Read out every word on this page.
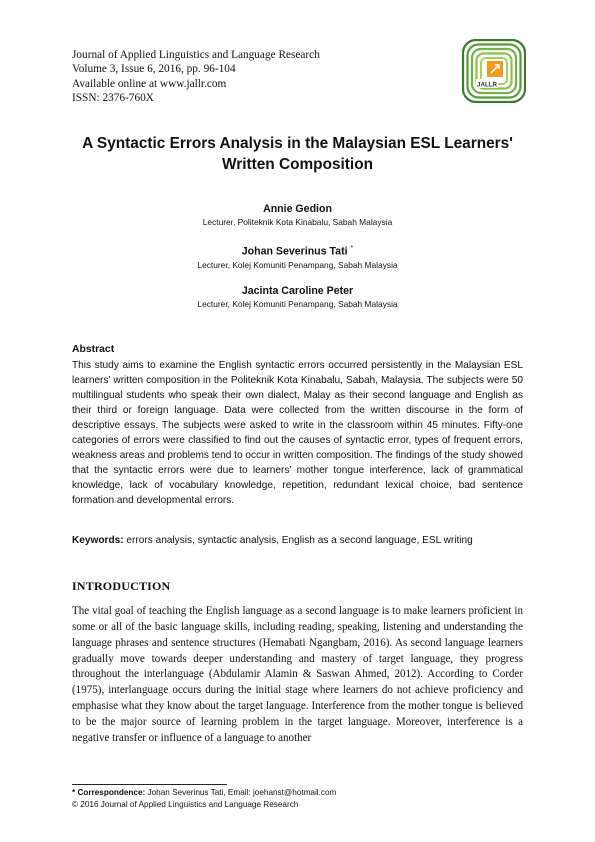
Journal of Applied Linguistics and Language Research
Volume 3, Issue 6, 2016, pp. 96-104
Available online at www.jallr.com
ISSN: 2376-760X
JALLR
A Syntactic Errors Analysis in the Malaysian ESL Learners' Written Composition
Annie Gedion
Lecturer, Politeknik Kota Kinabalu, Sabah Malaysia
Johan Severinus Tati *
Lecturer, Kolej Komuniti Penampang, Sabah Malaysia
Jacinta Caroline Peter
Lecturer, Kolej Komuniti Penampang, Sabah Malaysia
Abstract
This study aims to examine the English syntactic errors occurred persistently in the Malaysian ESL learners' written composition in the Politeknik Kota Kinabalu, Sabah, Malaysia. The subjects were 50 multilingual students who speak their own dialect, Malay as their second language and English as their third or foreign language. Data were collected from the written discourse in the form of descriptive essays. The subjects were asked to write in the classroom within 45 minutes. Fifty-one categories of errors were classified to find out the causes of syntactic error, types of frequent errors, weakness areas and problems tend to occur in written composition. The findings of the study showed that the syntactic errors were due to learners' mother tongue interference, lack of grammatical knowledge, lack of vocabulary knowledge, repetition, redundant lexical choice, bad sentence formation and developmental errors.
Keywords: errors analysis, syntactic analysis, English as a second language, ESL writing
INTRODUCTION
The vital goal of teaching the English language as a second language is to make learners proficient in some or all of the basic language skills, including reading, speaking, listening and understanding the language phrases and sentence structures (Hemabati Ngangbam, 2016). As second language learners gradually move towards deeper understanding and mastery of target language, they progress throughout the interlanguage (Abdulamir Alamin & Saswan Ahmed, 2012). According to Corder (1975), interlanguage occurs during the initial stage where learners do not achieve proficiency and emphasise what they know about the target language. Interference from the mother tongue is believed to be the major source of learning problem in the target language. Moreover, interference is a negative transfer or influence of a language to another
* Correspondence: Johan Severinus Tati, Email: joehanst@hotmail.com
© 2016 Journal of Applied Linguistics and Language Research
